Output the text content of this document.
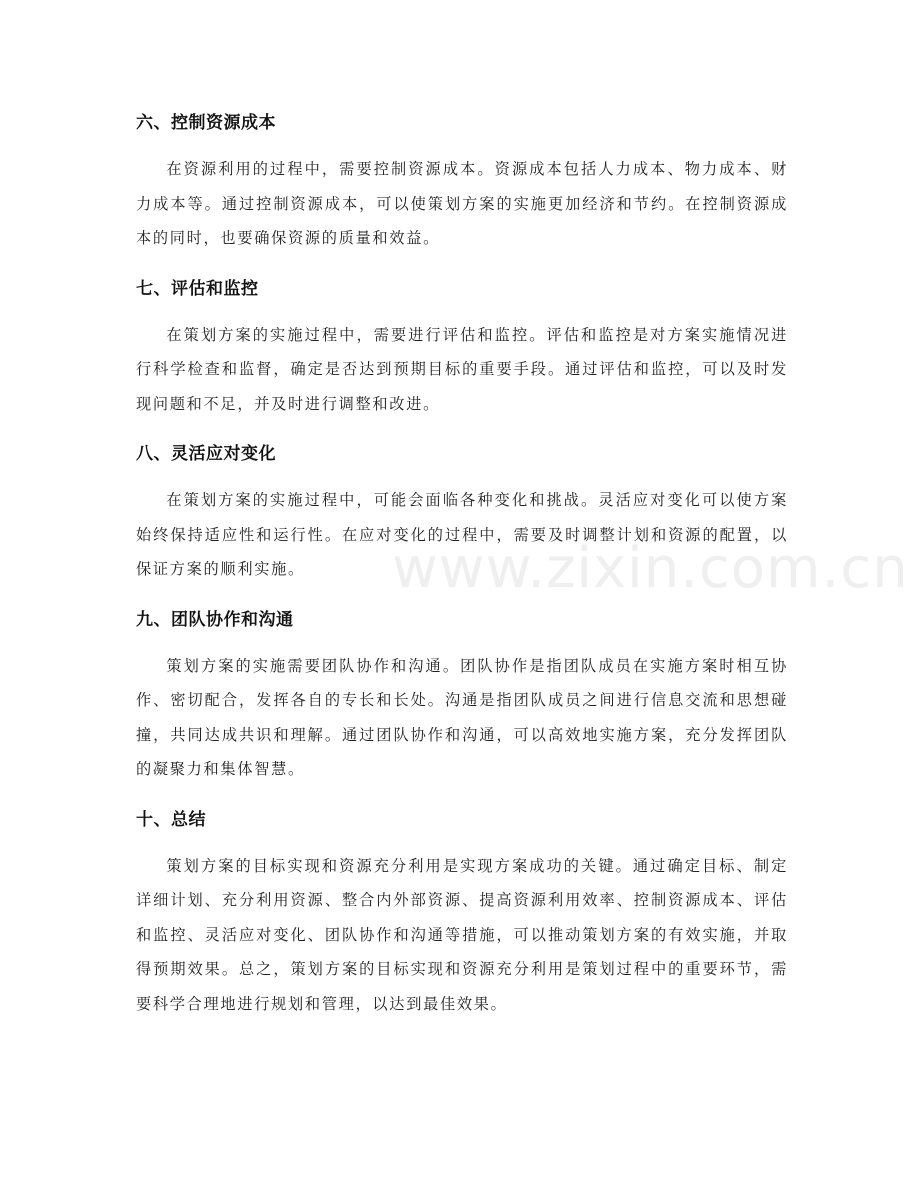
六、控制资源成本

在资源利用的过程中，需要控制资源成本。资源成本包括人力成本、物力成本、财力成本等。通过控制资源成本，可以使策划方案的实施更加经济和节约。在控制资源成本的同时，也要确保资源的质量和效益。

七、评估和监控

在策划方案的实施过程中，需要进行评估和监控。评估和监控是对方案实施情况进行科学检查和监督，确定是否达到预期目标的重要手段。通过评估和监控，可以及时发现问题和不足，并及时进行调整和改进。

八、灵活应对变化

在策划方案的实施过程中，可能会面临各种变化和挑战。灵活应对变化可以使方案始终保持适应性和运行性。在应对变化的过程中，需要及时调整计划和资源的配置，以保证方案的顺利实施。

九、团队协作和沟通

策划方案的实施需要团队协作和沟通。团队协作是指团队成员在实施方案时相互协作、密切配合，发挥各自的专长和长处。沟通是指团队成员之间进行信息交流和思想碰撞，共同达成共识和理解。通过团队协作和沟通，可以高效地实施方案，充分发挥团队的凝聚力和集体智慧。

十、总结

策划方案的目标实现和资源充分利用是实现方案成功的关键。通过确定目标、制定详细计划、充分利用资源、整合内外部资源、提高资源利用效率、控制资源成本、评估和监控、灵活应对变化、团队协作和沟通等措施，可以推动策划方案的有效实施，并取得预期效果。总之，策划方案的目标实现和资源充分利用是策划过程中的重要环节，需要科学合理地进行规划和管理，以达到最佳效果。

www.zixin.com.cn
